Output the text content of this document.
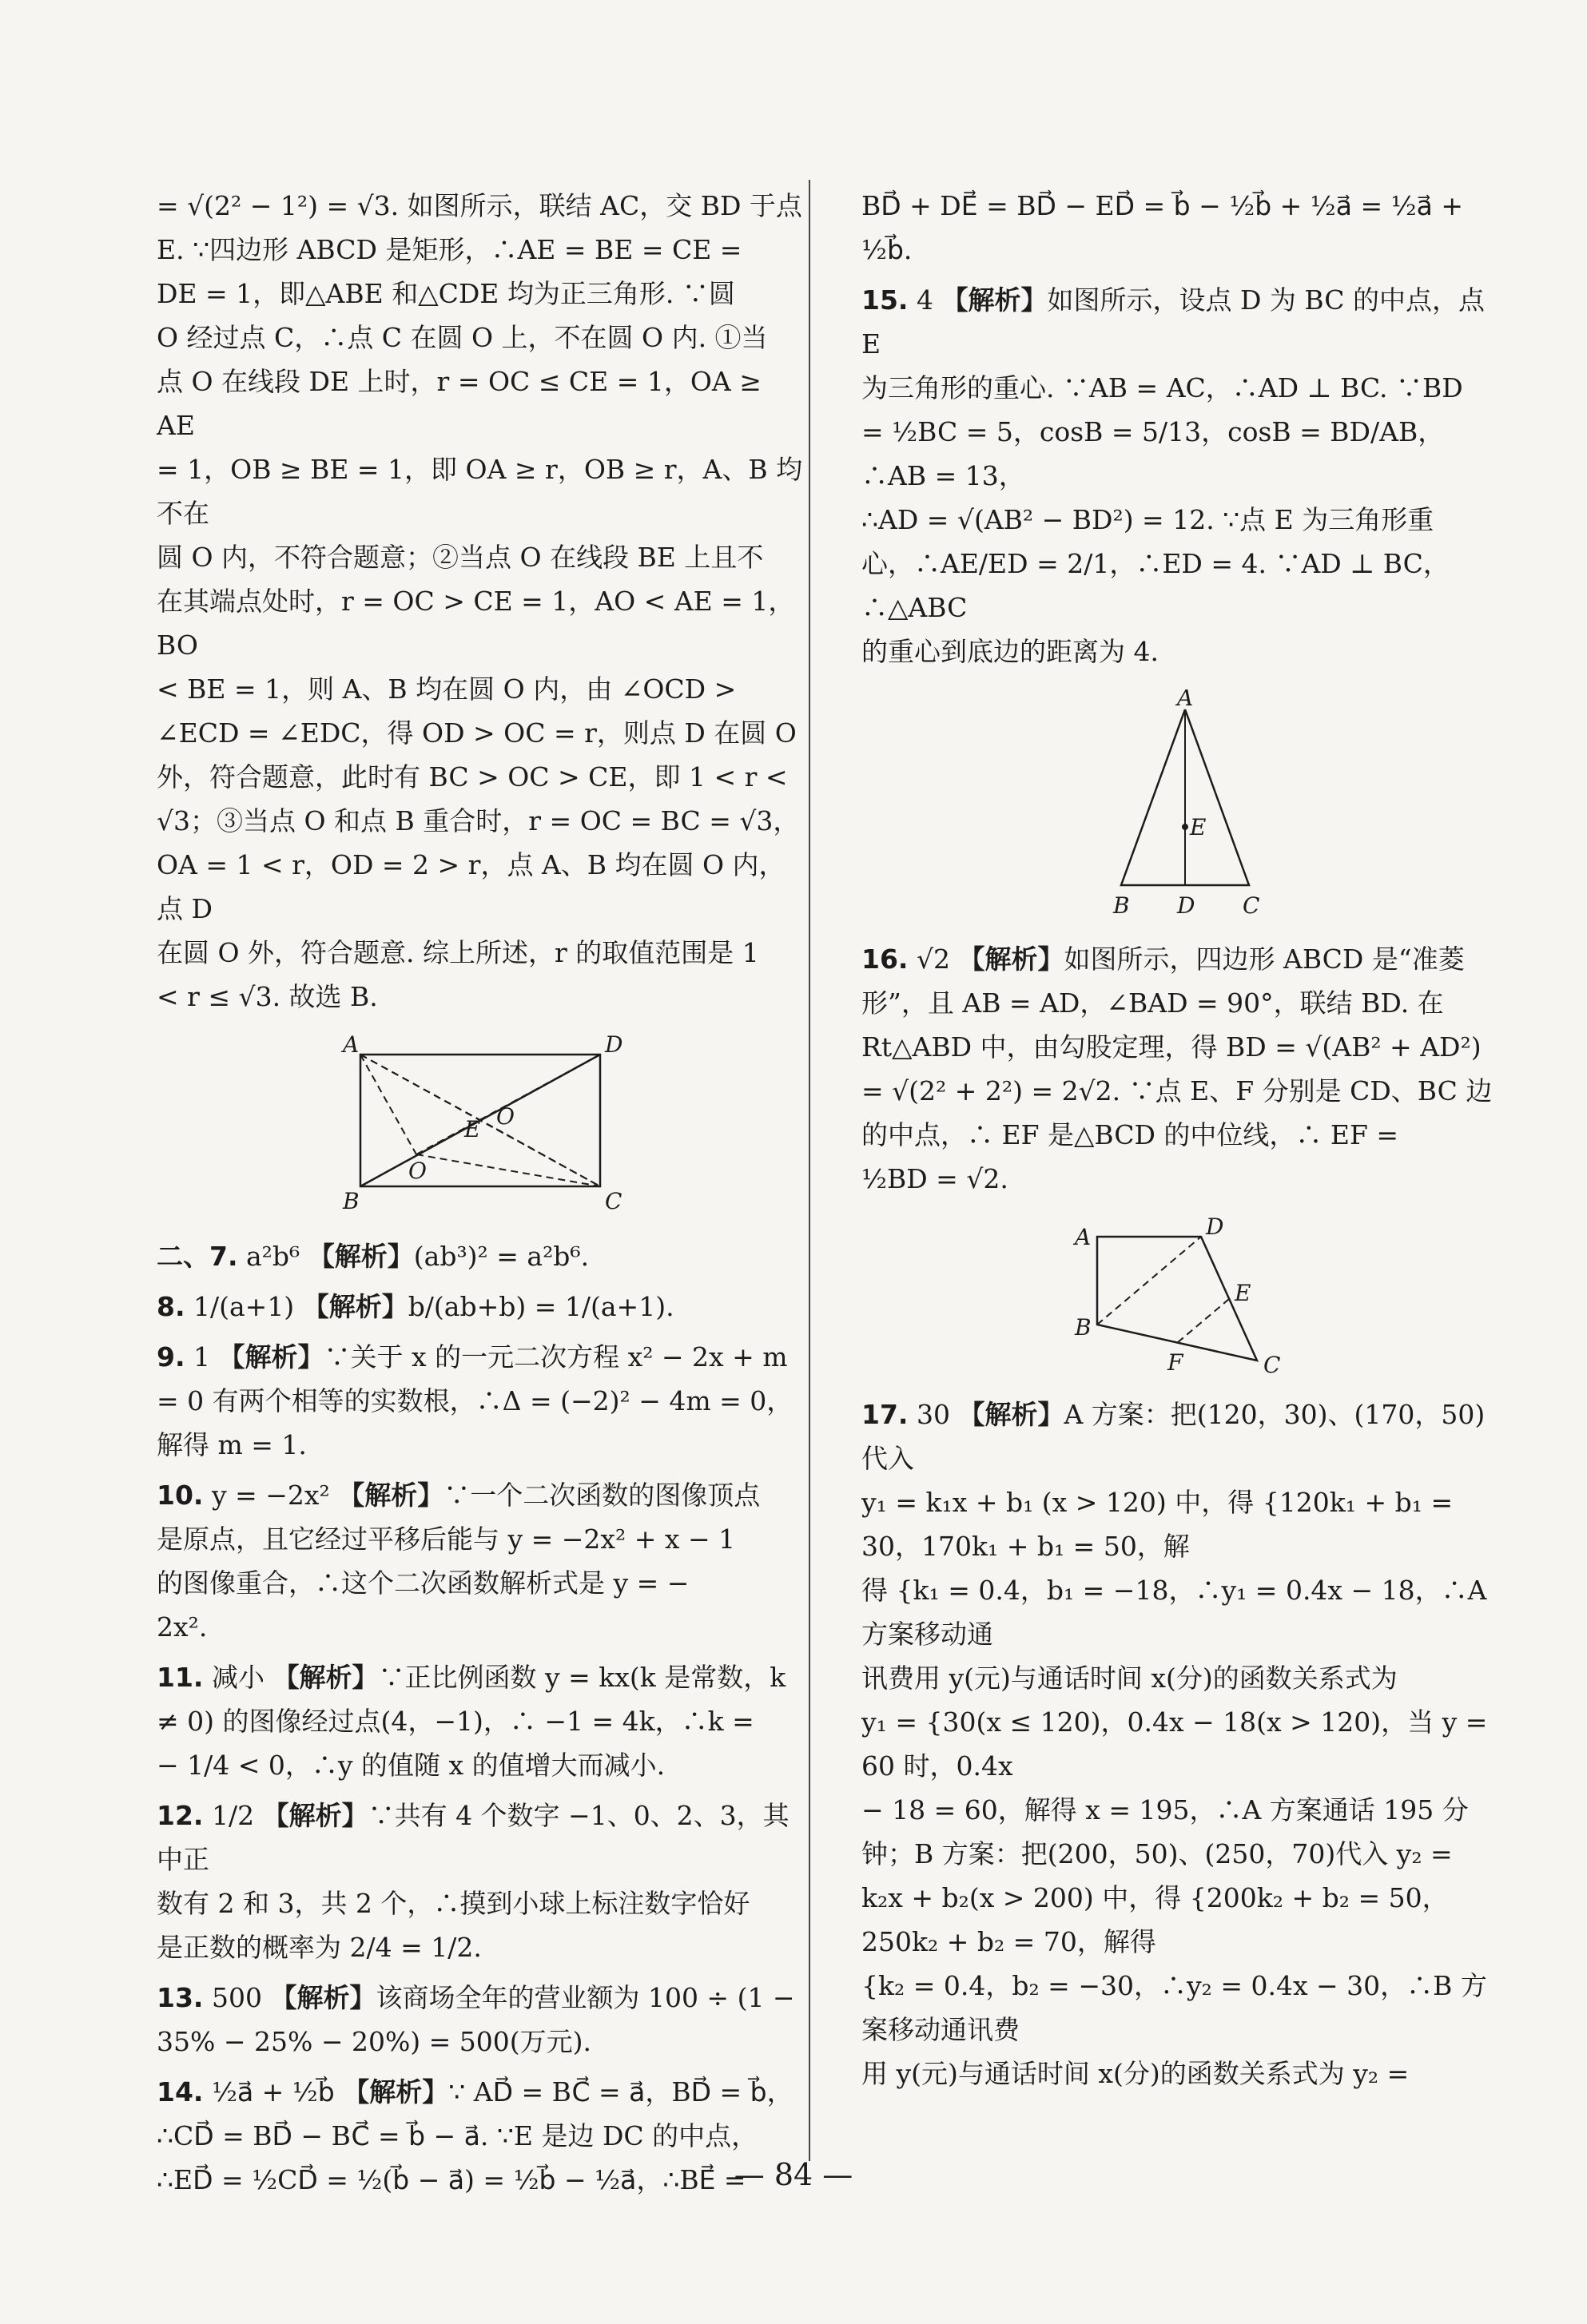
= √(2² − 1²) = √3. 如图所示，联结 AC，交 BD 于点
E. ∵四边形 ABCD 是矩形，∴AE = BE = CE =
DE = 1，即△ABE 和△CDE 均为正三角形. ∵圆
O 经过点 C，∴点 C 在圆 O 上，不在圆 O 内. ①当
点 O 在线段 DE 上时，r = OC ≤ CE = 1，OA ≥ AE
= 1，OB ≥ BE = 1，即 OA ≥ r，OB ≥ r，A、B 均不在
圆 O 内，不符合题意；②当点 O 在线段 BE 上且不
在其端点处时，r = OC > CE = 1，AO < AE = 1，BO
< BE = 1，则 A、B 均在圆 O 内，由 ∠OCD >
∠ECD = ∠EDC，得 OD > OC = r，则点 D 在圆 O
外，符合题意，此时有 BC > OC > CE，即 1 < r <
√3；③当点 O 和点 B 重合时，r = OC = BC = √3，
OA = 1 < r，OD = 2 > r，点 A、B 均在圆 O 内，点 D
在圆 O 外，符合题意. 综上所述，r 的取值范围是 1
< r ≤ √3. 故选 B.
A	D
B	C
E O
O
二、7. a²b⁶ 【解析】(ab³)² = a²b⁶.
8. 1/(a+1) 【解析】b/(ab+b) = 1/(a+1).
9. 1 【解析】∵关于 x 的一元二次方程 x² − 2x + m
= 0 有两个相等的实数根，∴Δ = (−2)² − 4m = 0，
解得 m = 1.
10. y = −2x² 【解析】∵一个二次函数的图像顶点
是原点，且它经过平移后能与 y = −2x² + x − 1
的图像重合，∴这个二次函数解析式是 y = −
2x².
11. 减小 【解析】∵正比例函数 y = kx(k 是常数，k
≠ 0) 的图像经过点(4，−1)，∴ −1 = 4k，∴k =
− 1/4 < 0，∴y 的值随 x 的值增大而减小.
12. 1/2 【解析】∵共有 4 个数字 −1、0、2、3，其中正
数有 2 和 3，共 2 个，∴摸到小球上标注数字恰好
是正数的概率为 2/4 = 1/2.
13. 500 【解析】该商场全年的营业额为 100 ÷ (1 −
35% − 25% − 20%) = 500(万元).
14. ½a⃗ + ½b⃗ 【解析】∵ AD⃗ = BC⃗ = a⃗，BD⃗ = b⃗，
∴CD⃗ = BD⃗ − BC⃗ = b⃗ − a⃗. ∵E 是边 DC 的中点，
∴ED⃗ = ½CD⃗ = ½(b⃗ − a⃗) = ½b⃗ − ½a⃗，∴BE⃗ =
BD⃗ + DE⃗ = BD⃗ − ED⃗ = b⃗ − ½b⃗ + ½a⃗ = ½a⃗ +
½b⃗.
15. 4 【解析】如图所示，设点 D 为 BC 的中点，点 E
为三角形的重心. ∵AB = AC，∴AD ⊥ BC. ∵BD
= ½BC = 5，cosB = 5/13，cosB = BD/AB，∴AB = 13，
∴AD = √(AB² − BD²) = 12. ∵点 E 为三角形重
心，∴AE/ED = 2/1，∴ED = 4. ∵AD ⊥ BC，∴△ABC
的重心到底边的距离为 4.
A
E
B D C
16. √2 【解析】如图所示，四边形 ABCD 是“准菱
形”，且 AB = AD，∠BAD = 90°，联结 BD. 在
Rt△ABD 中，由勾股定理，得 BD = √(AB² + AD²)
= √(2² + 2²) = 2√2. ∵点 E、F 分别是 CD、BC 边
的中点，∴ EF 是△BCD 的中位线，∴ EF =
½BD = √2.
A	D
E
B
F	C
17. 30 【解析】A 方案：把(120，30)、(170，50)代入
y₁ = k₁x + b₁ (x > 120) 中，得 {120k₁ + b₁ = 30，170k₁ + b₁ = 50，解
得 {k₁ = 0.4，b₁ = −18，∴y₁ = 0.4x − 18，∴A 方案移动通
讯费用 y(元)与通话时间 x(分)的函数关系式为
y₁ = {30(x ≤ 120)，0.4x − 18(x > 120)，当 y = 60 时，0.4x
− 18 = 60，解得 x = 195，∴A 方案通话 195 分
钟；B 方案：把(200，50)、(250，70)代入 y₂ =
k₂x + b₂(x > 200) 中，得 {200k₂ + b₂ = 50，250k₂ + b₂ = 70，解得
{k₂ = 0.4，b₂ = −30，∴y₂ = 0.4x − 30，∴B 方案移动通讯费
用 y(元)与通话时间 x(分)的函数关系式为 y₂ =
— 84 —
